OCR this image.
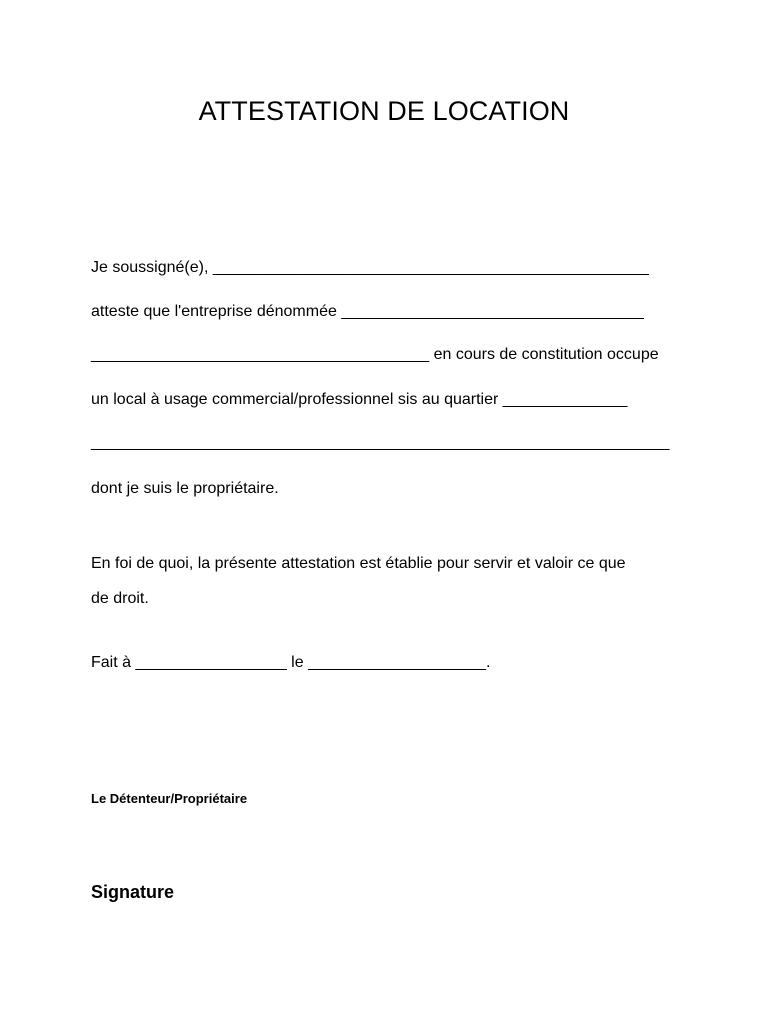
ATTESTATION DE LOCATION

Je soussigné(e), _________________________________________________

atteste que l'entreprise dénommée __________________________________

______________________________________ en cours de constitution occupe

un local à usage commercial/professionnel sis au quartier ______________

_________________________________________________________________

dont je suis le propriétaire.

En foi de quoi, la présente attestation est établie pour servir et valoir ce que

de droit.

Fait à _________________ le ____________________.

Le Détenteur/Propriétaire

Signature
